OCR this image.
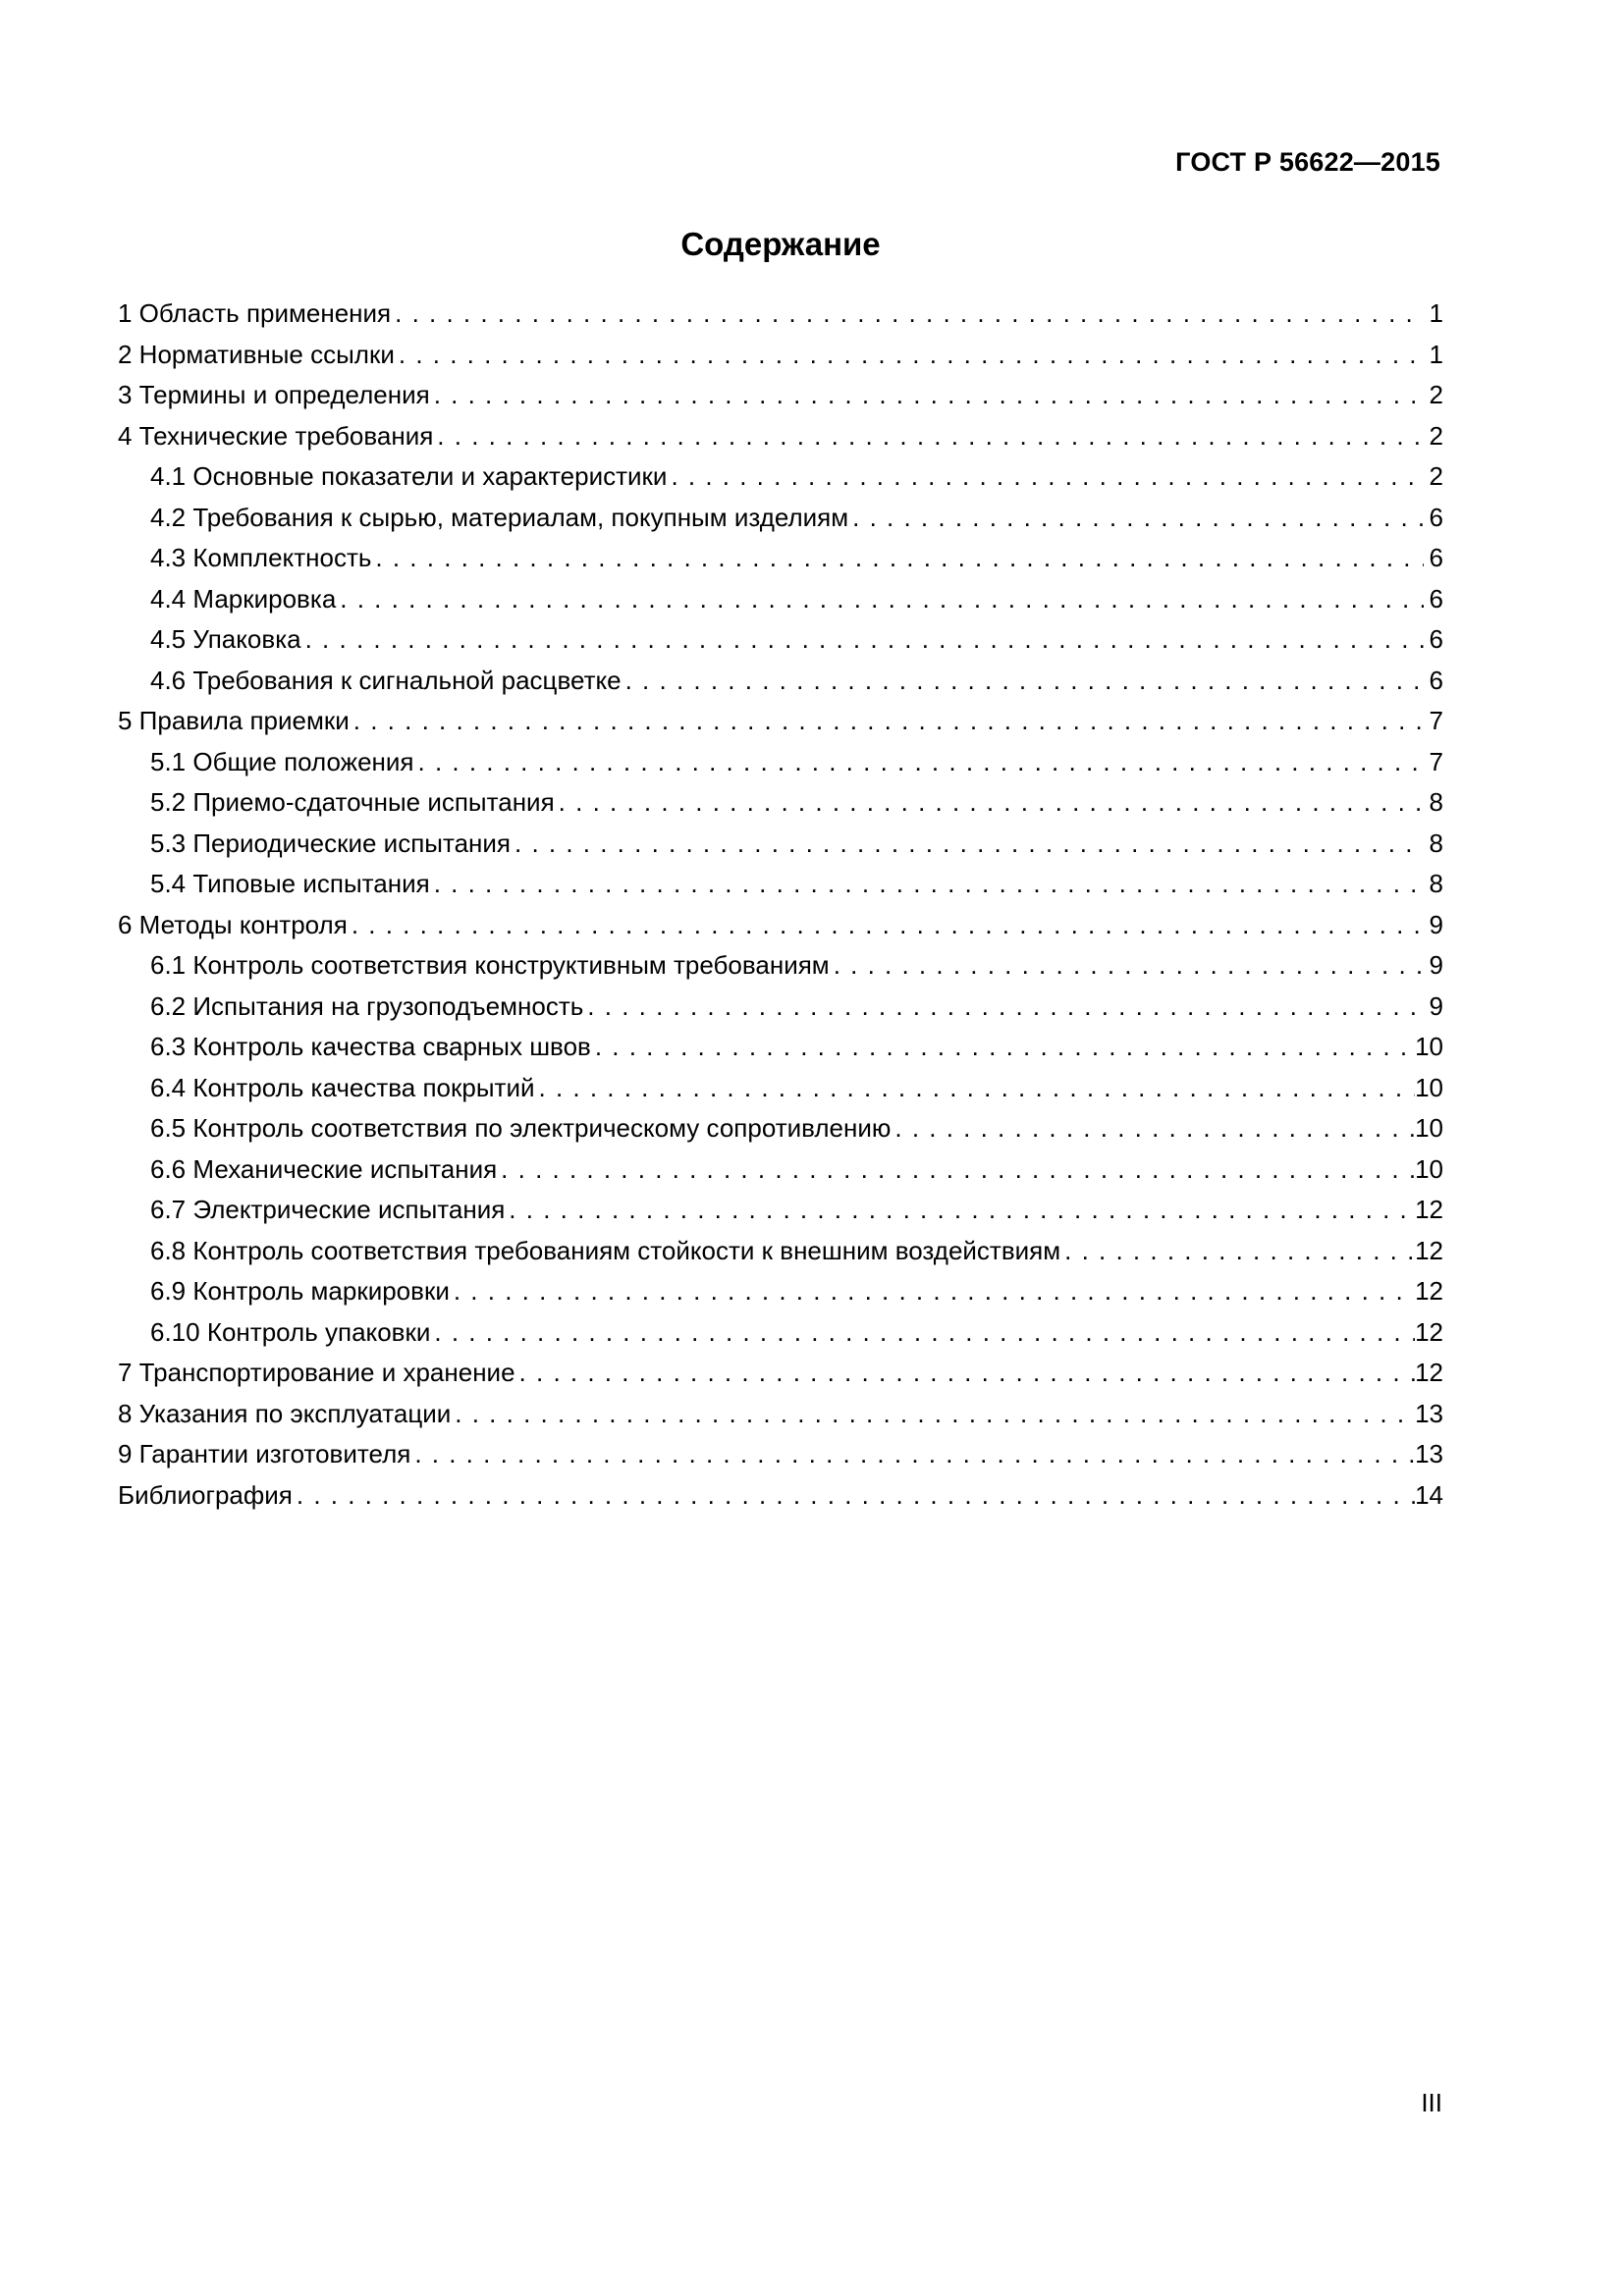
ГОСТ Р 56622—2015
Содержание
1 Область применения . . .	1
2 Нормативные ссылки . . .	1
3 Термины и определения . . .	2
4 Технические требования . . .	2
4.1 Основные показатели и характеристики . . .	2
4.2 Требования к сырью, материалам, покупным изделиям . . .	6
4.3 Комплектность . . .	6
4.4 Маркировка . . .	6
4.5 Упаковка . . .	6
4.6 Требования к сигнальной расцветке . . .	6
5 Правила приемки . . .	7
5.1 Общие положения . . .	7
5.2 Приемо-сдаточные испытания . . .	8
5.3 Периодические испытания . . .	8
5.4 Типовые испытания . . .	8
6 Методы контроля . . .	9
6.1 Контроль соответствия конструктивным требованиям . . .	9
6.2 Испытания на грузоподъемность . . .	9
6.3 Контроль качества сварных швов . . .	10
6.4 Контроль качества покрытий . . .	10
6.5 Контроль соответствия по электрическому сопротивлению . . .	10
6.6 Механические испытания . . .	10
6.7 Электрические испытания . . .	12
6.8 Контроль соответствия требованиям стойкости к внешним воздействиям . . .	12
6.9 Контроль маркировки . . .	12
6.10 Контроль упаковки . . .	12
7 Транспортирование и хранение . . .	12
8 Указания по эксплуатации . . .	13
9 Гарантии изготовителя . . .	13
Библиография . . .	14
III
